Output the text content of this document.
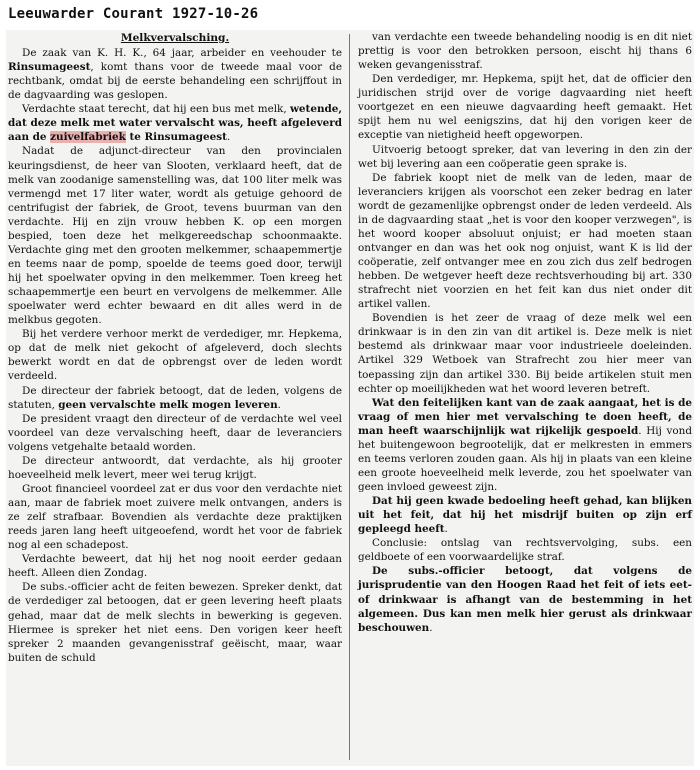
Leeuwarder Courant 1927-10-26
Melkvervalsching.

De zaak van K. H. K., 64 jaar, arbeider en veehouder te Rinsumageest, komt thans voor de tweede maal voor de rechtbank, omdat bij de eerste behandeling een schrijffout in de dagvaarding was geslopen.

Verdachte staat terecht, dat hij een bus met melk, wetende, dat deze melk met water vervalscht was, heeft afgeleverd aan de zuivelfabriek te Rinsumageest.

Nadat de adjunct-directeur van den provincialen keuringsdienst, de heer van Slooten, verklaard heeft, dat de melk van zoodanige samenstelling was, dat 100 liter melk was vermengd met 17 liter water, wordt als getuige gehoord de centrifugist der fabriek, de Groot, tevens buurman van den verdachte. Hij en zijn vrouw hebben K. op een morgen bespied, toen deze het melkgereedschap schoonmaakte. Verdachte ging met den grooten melkemmer, schaapemmertje en teems naar de pomp, spoelde de teems goed door, terwijl hij het spoelwater opving in den melkemmer. Toen kreeg het schaapemmertje een beurt en vervolgens de melkemmer. Alle spoelwater werd echter bewaard en dit alles werd in de melkbus gegoten.

Bij het verdere verhoor merkt de verdediger, mr. Hepkema, op dat de melk niet gekocht of afgeleverd, doch slechts bewerkt wordt en dat de opbrengst over de leden wordt verdeeld.

De directeur der fabriek betoogt, dat de leden, volgens de statuten, geen vervalschte melk mogen leveren.

De president vraagt den directeur of de verdachte wel veel voordeel van deze vervalsching heeft, daar de leveranciers volgens vetgehalte betaald worden.

De directeur antwoordt, dat verdachte, als hij grooter hoeveelheid melk levert, meer wei terug krijgt.

Groot financieel voordeel zat er dus voor den verdachte niet aan, maar de fabriek moet zuivere melk ontvangen, anders is ze zelf strafbaar. Bovendien als verdachte deze praktijken reeds jaren lang heeft uitgeoefend, wordt het voor de fabriek nog al een schadepost.

Verdachte beweert, dat hij het nog nooit eerder gedaan heeft. Alleen dien Zondag.

De subs.-officier acht de feiten bewezen. Spreker denkt, dat de verdediger zal betoogen, dat er geen levering heeft plaats gehad, maar dat de melk slechts in bewerking is gegeven. Hiermee is spreker het niet eens. Den vorigen keer heeft spreker 2 maanden gevangenisstraf geëischt, maar, waar buiten de schuld

van verdachte een tweede behandeling noodig is en dit niet prettig is voor den betrokken persoon, eischt hij thans 6 weken gevangenisstraf.

Den verdediger, mr. Hepkema, spijt het, dat de officier den juridischen strijd over de vorige dagvaarding niet heeft voortgezet en een nieuwe dagvaarding heeft gemaakt. Het spijt hem nu wel eenigszins, dat hij den vorigen keer de exceptie van nietigheid heeft opgeworpen.

Uitvoerig betoogt spreker, dat van levering in den zin der wet bij levering aan een coöperatie geen sprake is.

De fabriek koopt niet de melk van de leden, maar de leveranciers krijgen als voorschot een zeker bedrag en later wordt de gezamenlijke opbrengst onder de leden verdeeld. Als in de dagvaarding staat „het is voor den kooper verzwegen", is het woord kooper absoluut onjuist; er had moeten staan ontvanger en dan was het ook nog onjuist, want K is lid der coöperatie, zelf ontvanger mee en zou zich dus zelf bedrogen hebben. De wetgever heeft deze rechtsverhouding bij art. 330 strafrecht niet voorzien en het feit kan dus niet onder dit artikel vallen.

Bovendien is het zeer de vraag of deze melk wel een drinkwaar is in den zin van dit artikel is. Deze melk is niet bestemd als drinkwaar maar voor industrieele doeleinden. Artikel 329 Wetboek van Strafrecht zou hier meer van toepassing zijn dan artikel 330. Bij beide artikelen stuit men echter op moeilijkheden wat het woord leveren betreft.

Wat den feitelijken kant van de zaak aangaat, het is de vraag of men hier met vervalsching te doen heeft, de man heeft waarschijnlijk wat rijkelijk gespoeld. Hij vond het buitengewoon begrootelijk, dat er melkresten in emmers en teems verloren zouden gaan. Als hij in plaats van een kleine een groote hoeveelheid melk leverde, zou het spoelwater van geen invloed geweest zijn.

Dat hij geen kwade bedoeling heeft gehad, kan blijken uit het feit, dat hij het misdrijf buiten op zijn erf gepleegd heeft.

Conclusie: ontslag van rechtsvervolging, subs. een geldboete of een voorwaardelijke straf.

De subs.-officier betoogt, dat volgens de jurisprudentie van den Hoogen Raad het feit of iets eet- of drinkwaar is afhangt van de bestemming in het algemeen. Dus kan men melk hier gerust als drinkwaar beschouwen.
